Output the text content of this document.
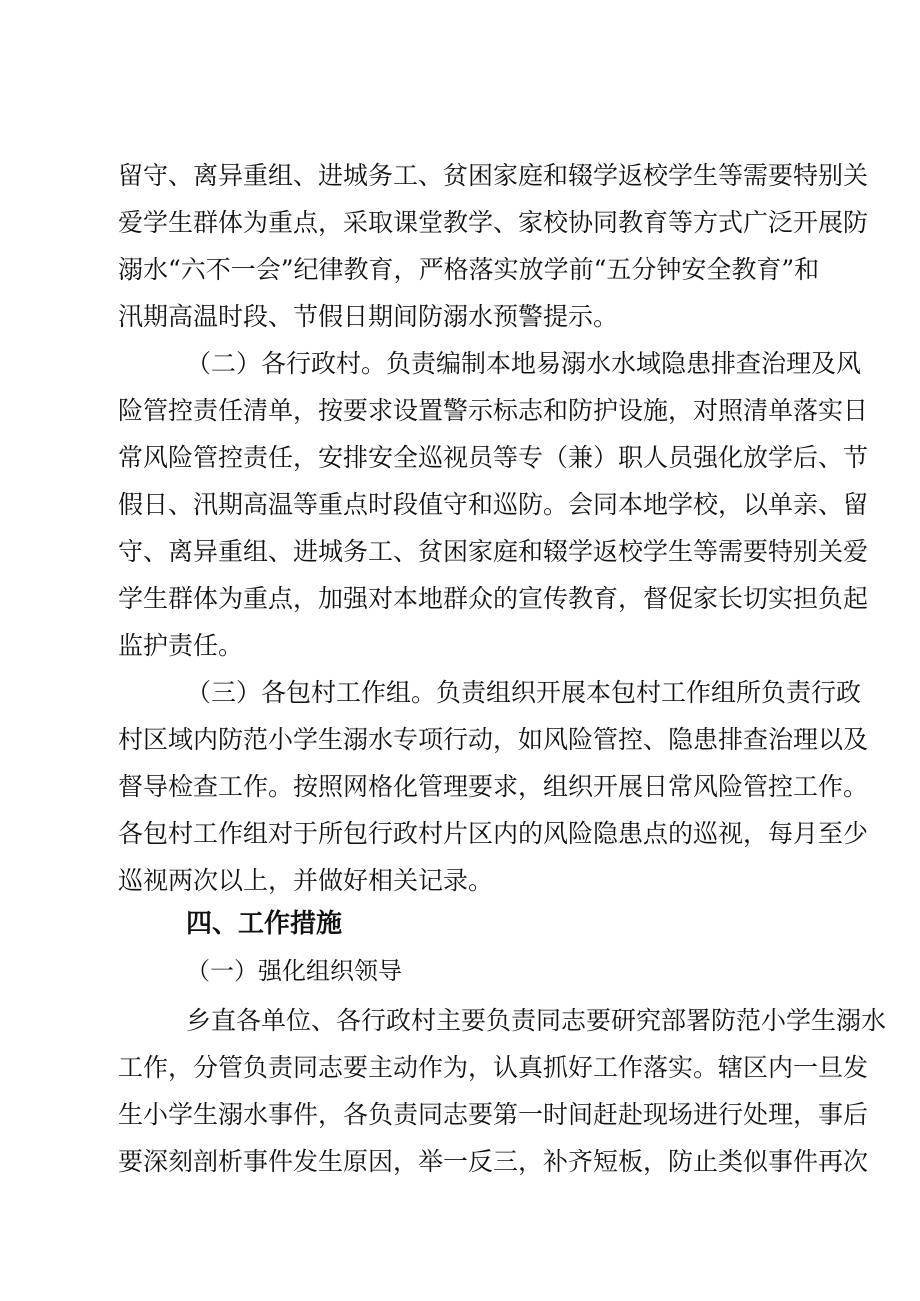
留守、离异重组、进城务工、贫困家庭和辍学返校学生等需要特别关
爱学生群体为重点，采取课堂教学、家校协同教育等方式广泛开展防
溺水“六不一会”纪律教育，严格落实放学前“五分钟安全教育”和
汛期高温时段、节假日期间防溺水预警提示。
（二）各行政村。负责编制本地易溺水水域隐患排查治理及风
险管控责任清单，按要求设置警示标志和防护设施，对照清单落实日
常风险管控责任，安排安全巡视员等专（兼）职人员强化放学后、节
假日、汛期高温等重点时段值守和巡防。会同本地学校，以单亲、留
守、离异重组、进城务工、贫困家庭和辍学返校学生等需要特别关爱
学生群体为重点，加强对本地群众的宣传教育，督促家长切实担负起
监护责任。
（三）各包村工作组。负责组织开展本包村工作组所负责行政
村区域内防范小学生溺水专项行动，如风险管控、隐患排查治理以及
督导检查工作。按照网格化管理要求，组织开展日常风险管控工作。
各包村工作组对于所包行政村片区内的风险隐患点的巡视，每月至少
巡视两次以上，并做好相关记录。
四、工作措施
（一）强化组织领导
乡直各单位、各行政村主要负责同志要研究部署防范小学生溺水
工作，分管负责同志要主动作为，认真抓好工作落实。辖区内一旦发
生小学生溺水事件，各负责同志要第一时间赶赴现场进行处理，事后
要深刻剖析事件发生原因，举一反三，补齐短板，防止类似事件再次
